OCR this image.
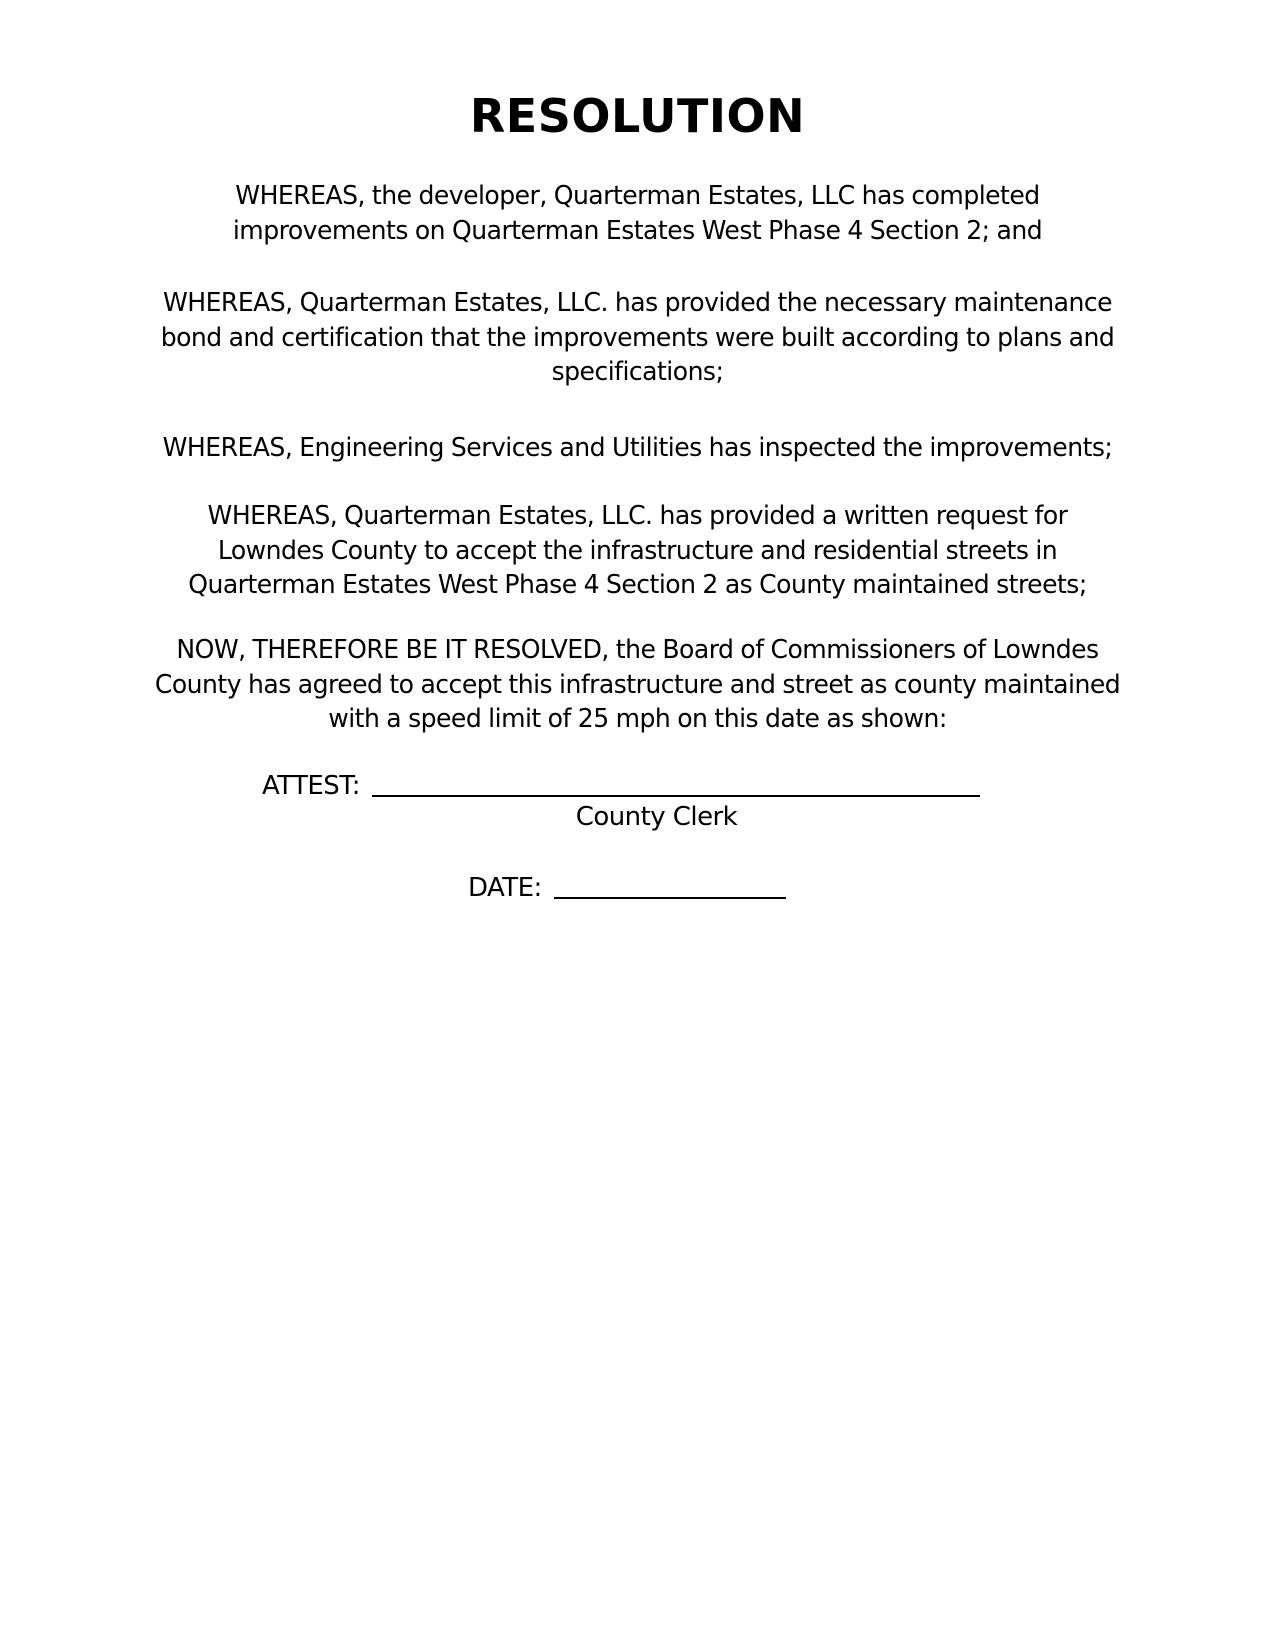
RESOLUTION

WHEREAS, the developer, Quarterman Estates, LLC has completed
improvements on Quarterman Estates West Phase 4 Section 2; and

WHEREAS, Quarterman Estates, LLC. has provided the necessary maintenance
bond and certification that the improvements were built according to plans and
specifications;

WHEREAS, Engineering Services and Utilities has inspected the improvements;

WHEREAS, Quarterman Estates, LLC. has provided a written request for
Lowndes County to accept the infrastructure and residential streets in
Quarterman Estates West Phase 4 Section 2 as County maintained streets;

NOW, THEREFORE BE IT RESOLVED, the Board of Commissioners of Lowndes
County has agreed to accept this infrastructure and street as county maintained
with a speed limit of 25 mph on this date as shown:

ATTEST:
County Clerk
DATE:
